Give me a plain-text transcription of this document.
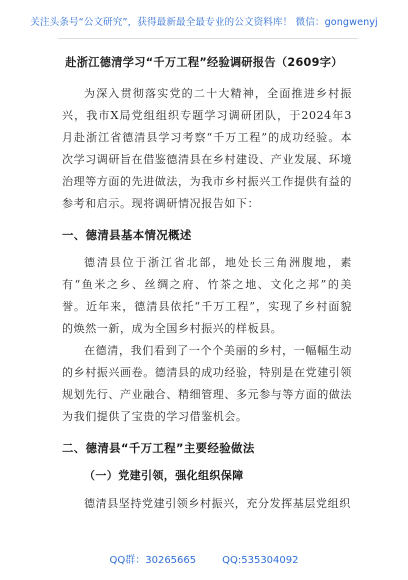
关注头条号“公文研究”，获得最新最全最专业的公文资料库！ 微信：gongwenyj
赴浙江德清学习“千万工程”经验调研报告（2609字）

为深入贯彻落实党的二十大精神，全面推进乡村振兴，我市X局党组组织专题学习调研团队，于2024年3月赴浙江省德清县学习考察“千万工程”的成功经验。本次学习调研旨在借鉴德清县在乡村建设、产业发展、环境治理等方面的先进做法，为我市乡村振兴工作提供有益的参考和启示。现将调研情况报告如下：

一、德清县基本情况概述

德清县位于浙江省北部，地处长三角洲腹地，素有“鱼米之乡、丝绸之府、竹茶之地、文化之邦”的美誉。近年来，德清县依托“千万工程”，实现了乡村面貌的焕然一新，成为全国乡村振兴的样板县。

在德清，我们看到了一个个美丽的乡村，一幅幅生动的乡村振兴画卷。德清县的成功经验，特别是在党建引领规划先行、产业融合、精细管理、多元参与等方面的做法为我们提供了宝贵的学习借鉴机会。

二、德清县“千万工程”主要经验做法

（一）党建引领，强化组织保障

德清县坚持党建引领乡村振兴，充分发挥基层党组织

QQ群：30265665	QQ:535304092
